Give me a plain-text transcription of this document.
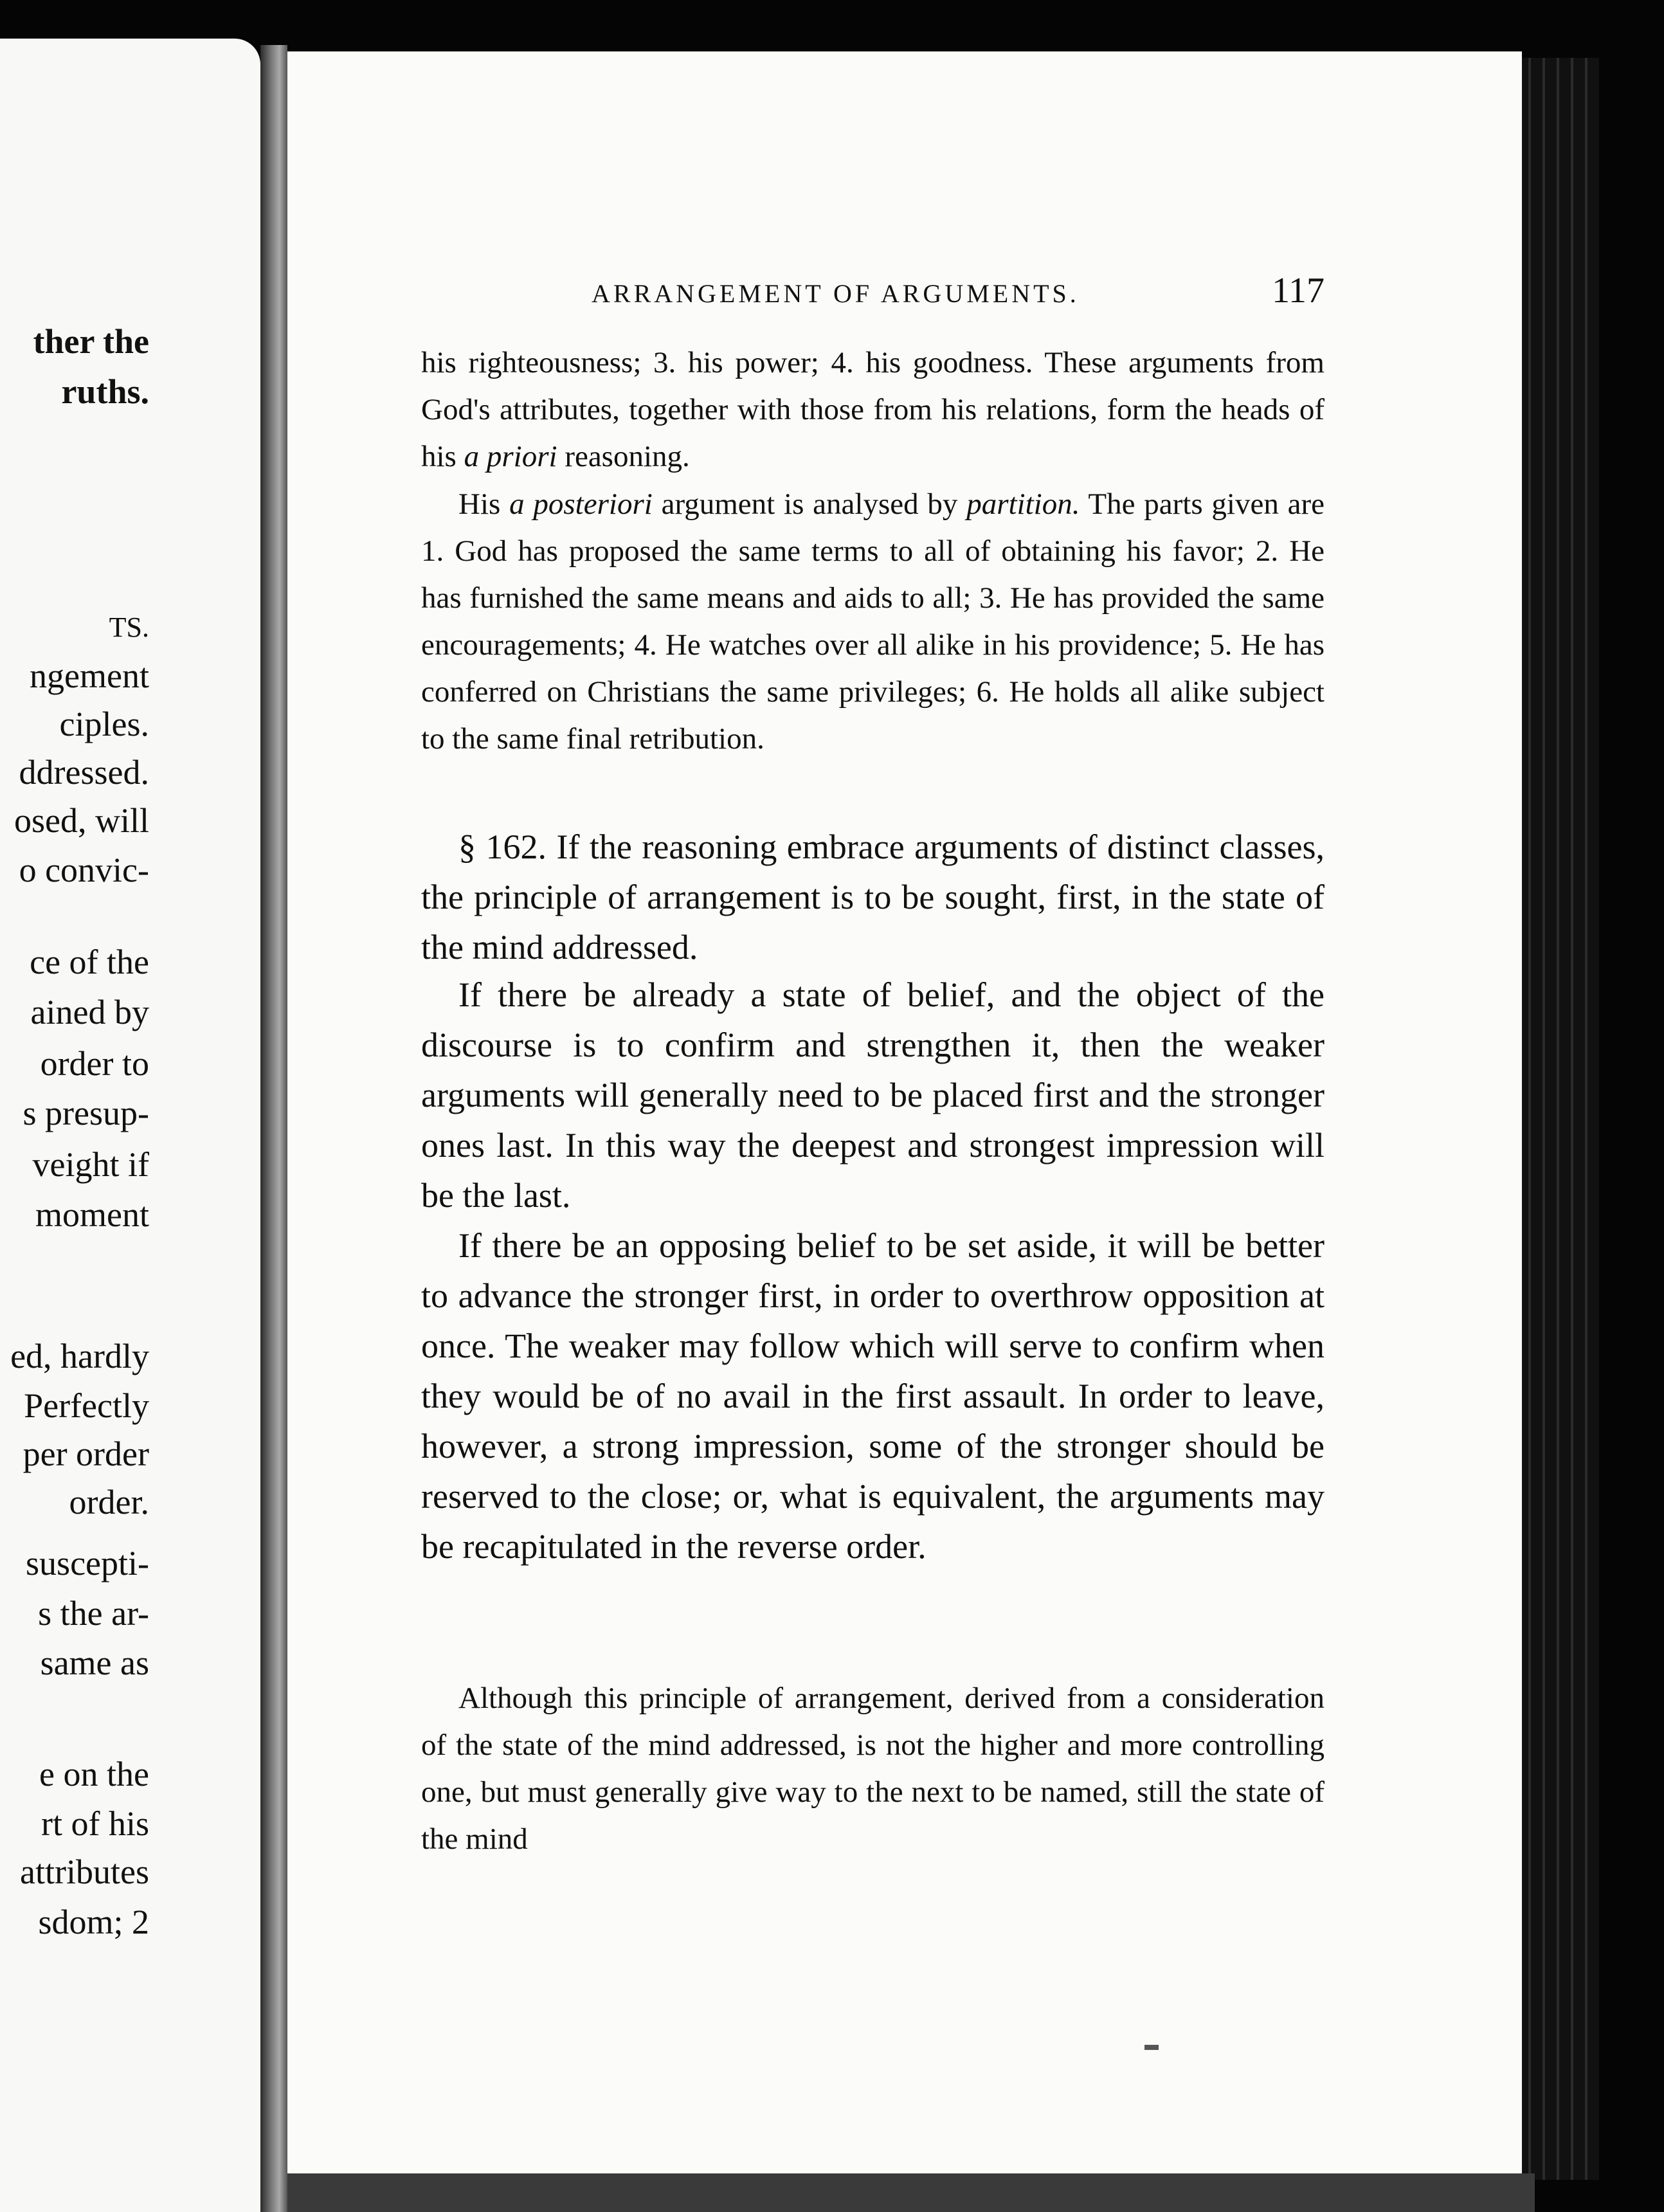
ther the
ruths.
TS.
ngement
ciples.
ddressed.
osed, will
o convic-
ce of the
ained by
order to
s presup-
veight if
moment
ed, hardly
Perfectly
per order
order.
suscepti-
s the ar-
same as
e on the
rt of his
attributes
sdom; 2
ARRANGEMENT OF ARGUMENTS.	117

his righteousness; 3. his power; 4. his goodness. These arguments from God's attributes, together with those from his relations, form the heads of his a priori reasoning.

His a posteriori argument is analysed by partition. The parts given are 1. God has proposed the same terms to all of obtaining his favor; 2. He has furnished the same means and aids to all; 3. He has provided the same encouragements; 4. He watches over all alike in his providence; 5. He has conferred on Christians the same privileges; 6. He holds all alike subject to the same final retribution.

§ 162. If the reasoning embrace arguments of distinct classes, the principle of arrangement is to be sought, first, in the state of the mind addressed.

If there be already a state of belief, and the object of the discourse is to confirm and strengthen it, then the weaker arguments will generally need to be placed first and the stronger ones last. In this way the deepest and strongest impression will be the last.

If there be an opposing belief to be set aside, it will be better to advance the stronger first, in order to overthrow opposition at once. The weaker may follow which will serve to confirm when they would be of no avail in the first assault. In order to leave, however, a strong impression, some of the stronger should be reserved to the close; or, what is equivalent, the arguments may be recapitulated in the reverse order.

Although this principle of arrangement, derived from a consideration of the state of the mind addressed, is not the higher and more controlling one, but must generally give way to the next to be named, still the state of the mind
